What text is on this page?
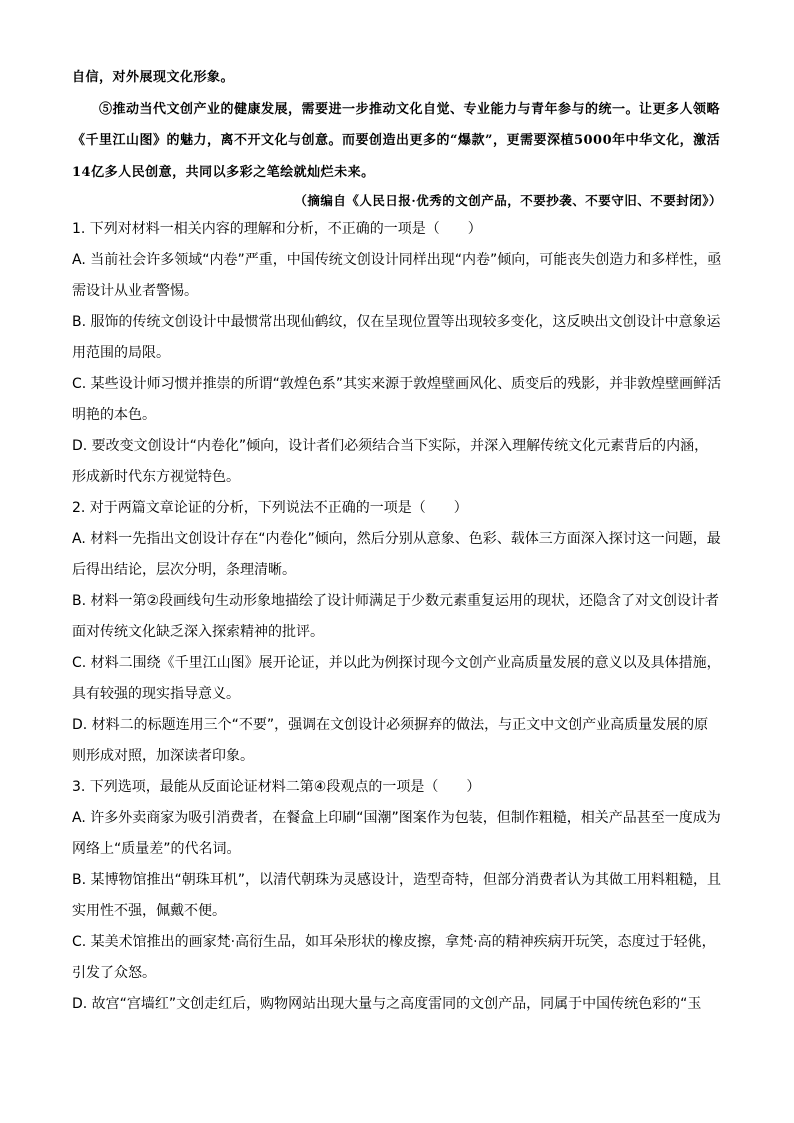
自信，对外展现文化形象。

⑤推动当代文创产业的健康发展，需要进一步推动文化自觉、专业能力与青年参与的统一。让更多人领略《千里江山图》的魅力，离不开文化与创意。而要创造出更多的“爆款”，更需要深植5000年中华文化，激活14亿多人民创意，共同以多彩之笔绘就灿烂未来。

（摘编自《人民日报·优秀的文创产品，不要抄袭、不要守旧、不要封闭》）

1. 下列对材料一相关内容的理解和分析，不正确的一项是（　　）

A. 当前社会许多领域“内卷”严重，中国传统文创设计同样出现“内卷”倾向，可能丧失创造力和多样性，亟需设计从业者警惕。

B. 服饰的传统文创设计中最惯常出现仙鹤纹，仅在呈现位置等出现较多变化，这反映出文创设计中意象运用范围的局限。

C. 某些设计师习惯并推崇的所谓“敦煌色系”其实来源于敦煌壁画风化、质变后的残影，并非敦煌壁画鲜活明艳的本色。

D. 要改变文创设计“内卷化”倾向，设计者们必须结合当下实际，并深入理解传统文化元素背后的内涵，形成新时代东方视觉特色。

2. 对于两篇文章论证的分析，下列说法不正确的一项是（　　）

A. 材料一先指出文创设计存在“内卷化”倾向，然后分别从意象、色彩、载体三方面深入探讨这一问题，最后得出结论，层次分明，条理清晰。

B. 材料一第②段画线句生动形象地描绘了设计师满足于少数元素重复运用的现状，还隐含了对文创设计者面对传统文化缺乏深入探索精神的批评。

C. 材料二围绕《千里江山图》展开论证，并以此为例探讨现今文创产业高质量发展的意义以及具体措施，具有较强的现实指导意义。

D. 材料二的标题连用三个“不要”，强调在文创设计必须摒弃的做法，与正文中文创产业高质量发展的原则形成对照，加深读者印象。

3. 下列选项，最能从反面论证材料二第④段观点的一项是（　　）

A. 许多外卖商家为吸引消费者，在餐盒上印刷“国潮”图案作为包装，但制作粗糙，相关产品甚至一度成为网络上“质量差”的代名词。

B. 某博物馆推出“朝珠耳机”，以清代朝珠为灵感设计，造型奇特，但部分消费者认为其做工用料粗糙，且实用性不强，佩戴不便。

C. 某美术馆推出的画家梵·高衍生品，如耳朵形状的橡皮擦，拿梵·高的精神疾病开玩笑，态度过于轻佻，引发了众怒。

D. 故宫“宫墙红”文创走红后，购物网站出现大量与之高度雷同的文创产品，同属于中国传统色彩的“玉
